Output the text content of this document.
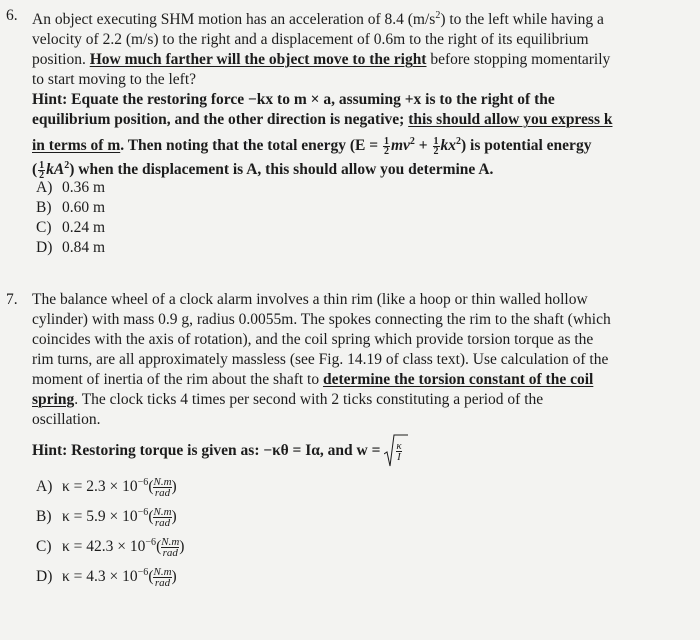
6. An object executing SHM motion has an acceleration of 8.4 $(m/s^2)$ to the left while having a
velocity of 2.2 (m/s) to the right and a displacement of 0.6m to the right of its equilibrium
position. How much farther will the object move to the right before stopping momentarily
to start moving to the left?
Hint: Equate the restoring force −kx to m × a, assuming +x is to the right of the
equilibrium position, and the other direction is negative; this should allow you express k
in terms of m. Then noting that the total energy $(E = \frac{1}{2} mv^2 + \frac{1}{2} kx^2)$ is potential energy
( $\frac{1}{2} kA^2$) when the displacement is A, this should allow you determine A.
A) 0.36 m
B) 0.60 m
C) 0.24 m
D) 0.84 m
7. The balance wheel of a clock alarm involves a thin rim (like a hoop or thin walled hollow
cylinder) with mass 0.9 g, radius 0.0055m. The spokes connecting the rim to the shaft (which
coincides with the axis of rotation), and the coil spring which provide torsion torque as the
rim turns, are all approximately massless (see Fig. 14.19 of class text). Use calculation of the
moment of inertia of the rim about the shaft to determine the torsion constant of the coil
spring. The clock ticks 4 times per second with 2 ticks constituting a period of the
oscillation.
Hint: Restoring torque is given as: −κθ = Iα, and $w = \frac{\kappa}{I}$
A) $\kappa = 2.3 \times 10^{-6}$( N.m
rad )
B) $\kappa = 5.9 \times 10^{-6}$( N.m
rad )
C) $\kappa = 42.3 \times 10^{-6}$( N.m
rad )
D) $\kappa = 4.3 \times 10^{-6}$( N.m
rad )
